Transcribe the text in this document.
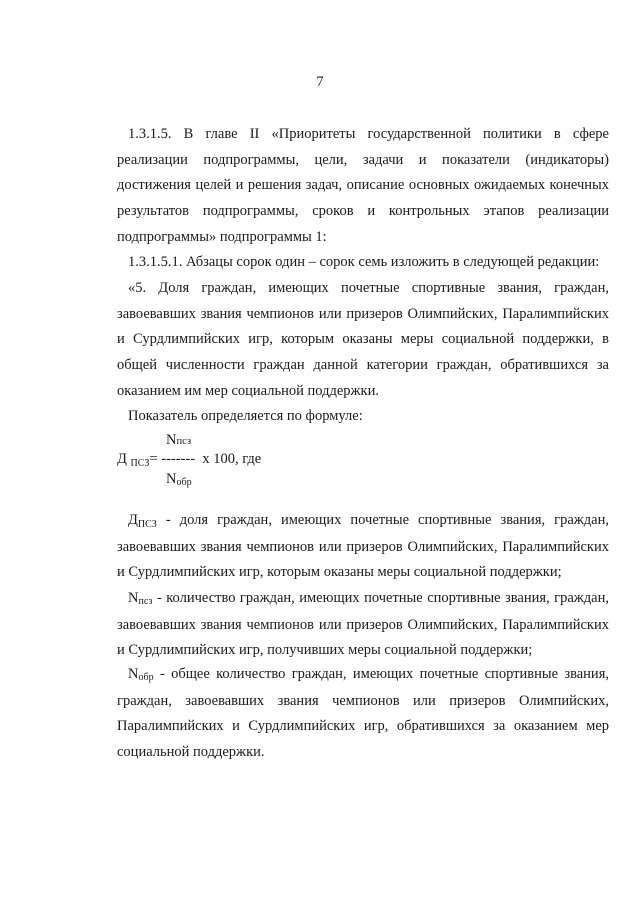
7
1.3.1.5. В главе II «Приоритеты государственной политики в сфере реализации подпрограммы, цели, задачи и показатели (индикаторы) достижения целей и решения задач, описание основных ожидаемых конечных результатов подпрограммы, сроков и контрольных этапов реализации подпрограммы» подпрограммы 1:
1.3.1.5.1. Абзацы сорок один – сорок семь изложить в следующей редакции:
«5. Доля граждан, имеющих почетные спортивные звания, граждан, завоевавших звания чемпионов или призеров Олимпийских, Паралимпийских и Сурдлимпийских игр, которым оказаны меры социальной поддержки, в общей численности граждан данной категории граждан, обратившихся за оказанием им мер социальной поддержки.
Показатель определяется по формуле:
Nпсз
Д $_{ПСЗ}$= ------- x 100, где
Nобр
$Д_{ПСЗ}$ - доля граждан, имеющих почетные спортивные звания, граждан, завоевавших звания чемпионов или призеров Олимпийских, Паралимпийских и Сурдлимпийских игр, которым оказаны меры социальной поддержки;
Nпсз - количество граждан, имеющих почетные спортивные звания, граждан, завоевавших звания чемпионов или призеров Олимпийских, Паралимпийских и Сурдлимпийских игр, получивших меры социальной поддержки;
Nобр - общее количество граждан, имеющих почетные спортивные звания, граждан, завоевавших звания чемпионов или призеров Олимпийских, Паралимпийских и Сурдлимпийских игр, обратившихся за оказанием мер социальной поддержки.
